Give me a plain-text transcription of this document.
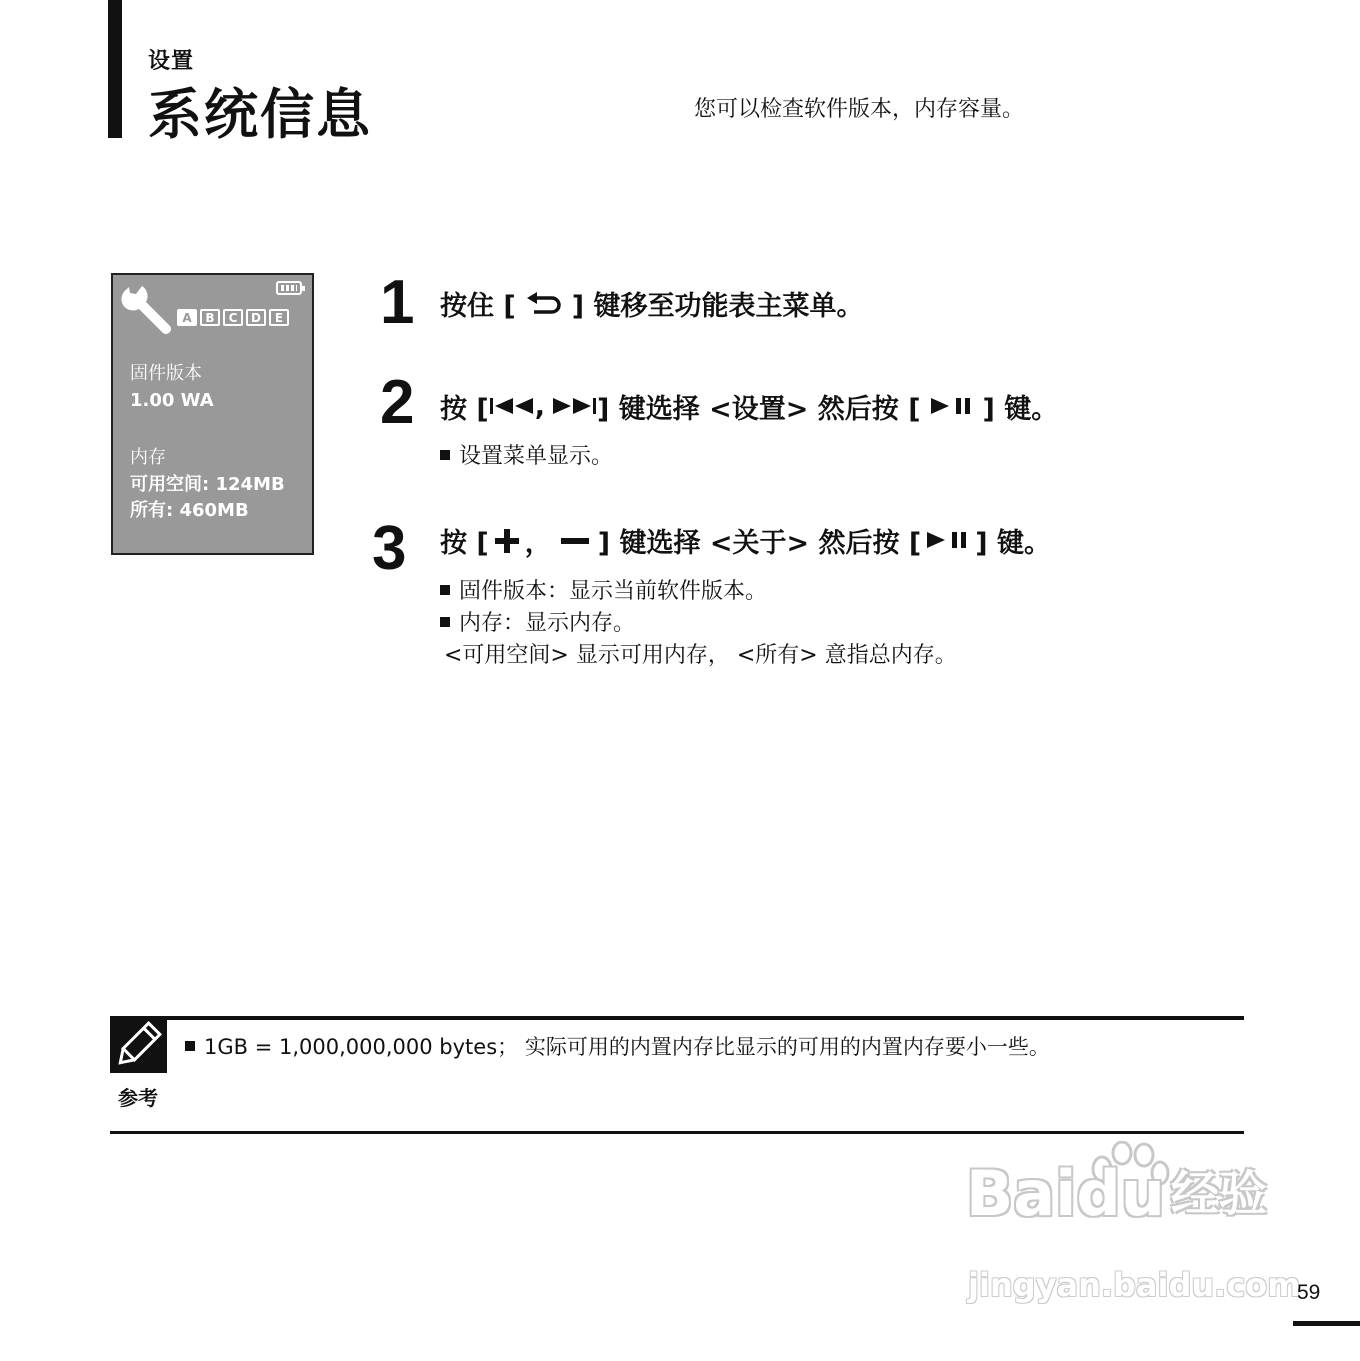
设置
系统信息	您可以检查软件版本，内存容量。
A	B	C	D	E
固件版本
1.00 WA
内存
可用空间: 124MB
所有: 460MB
1 按住 [ ] 键移至功能表主菜单。
2 按 [ , ] 键选择 <设置> 然后按 [ ] 键。
设置菜单显示。
3 按 [ ， ] 键选择 <关于> 然后按 [ ] 键。
固件版本：显示当前软件版本。
内存：显示内存。
<可用空间> 显示可用内存， <所有> 意指总内存。
参考
1GB = 1,000,000,000 bytes； 实际可用的内置内存比显示的可用的内置内存要小一些。
Bai du 经验
jingyan.baidu.com
59
